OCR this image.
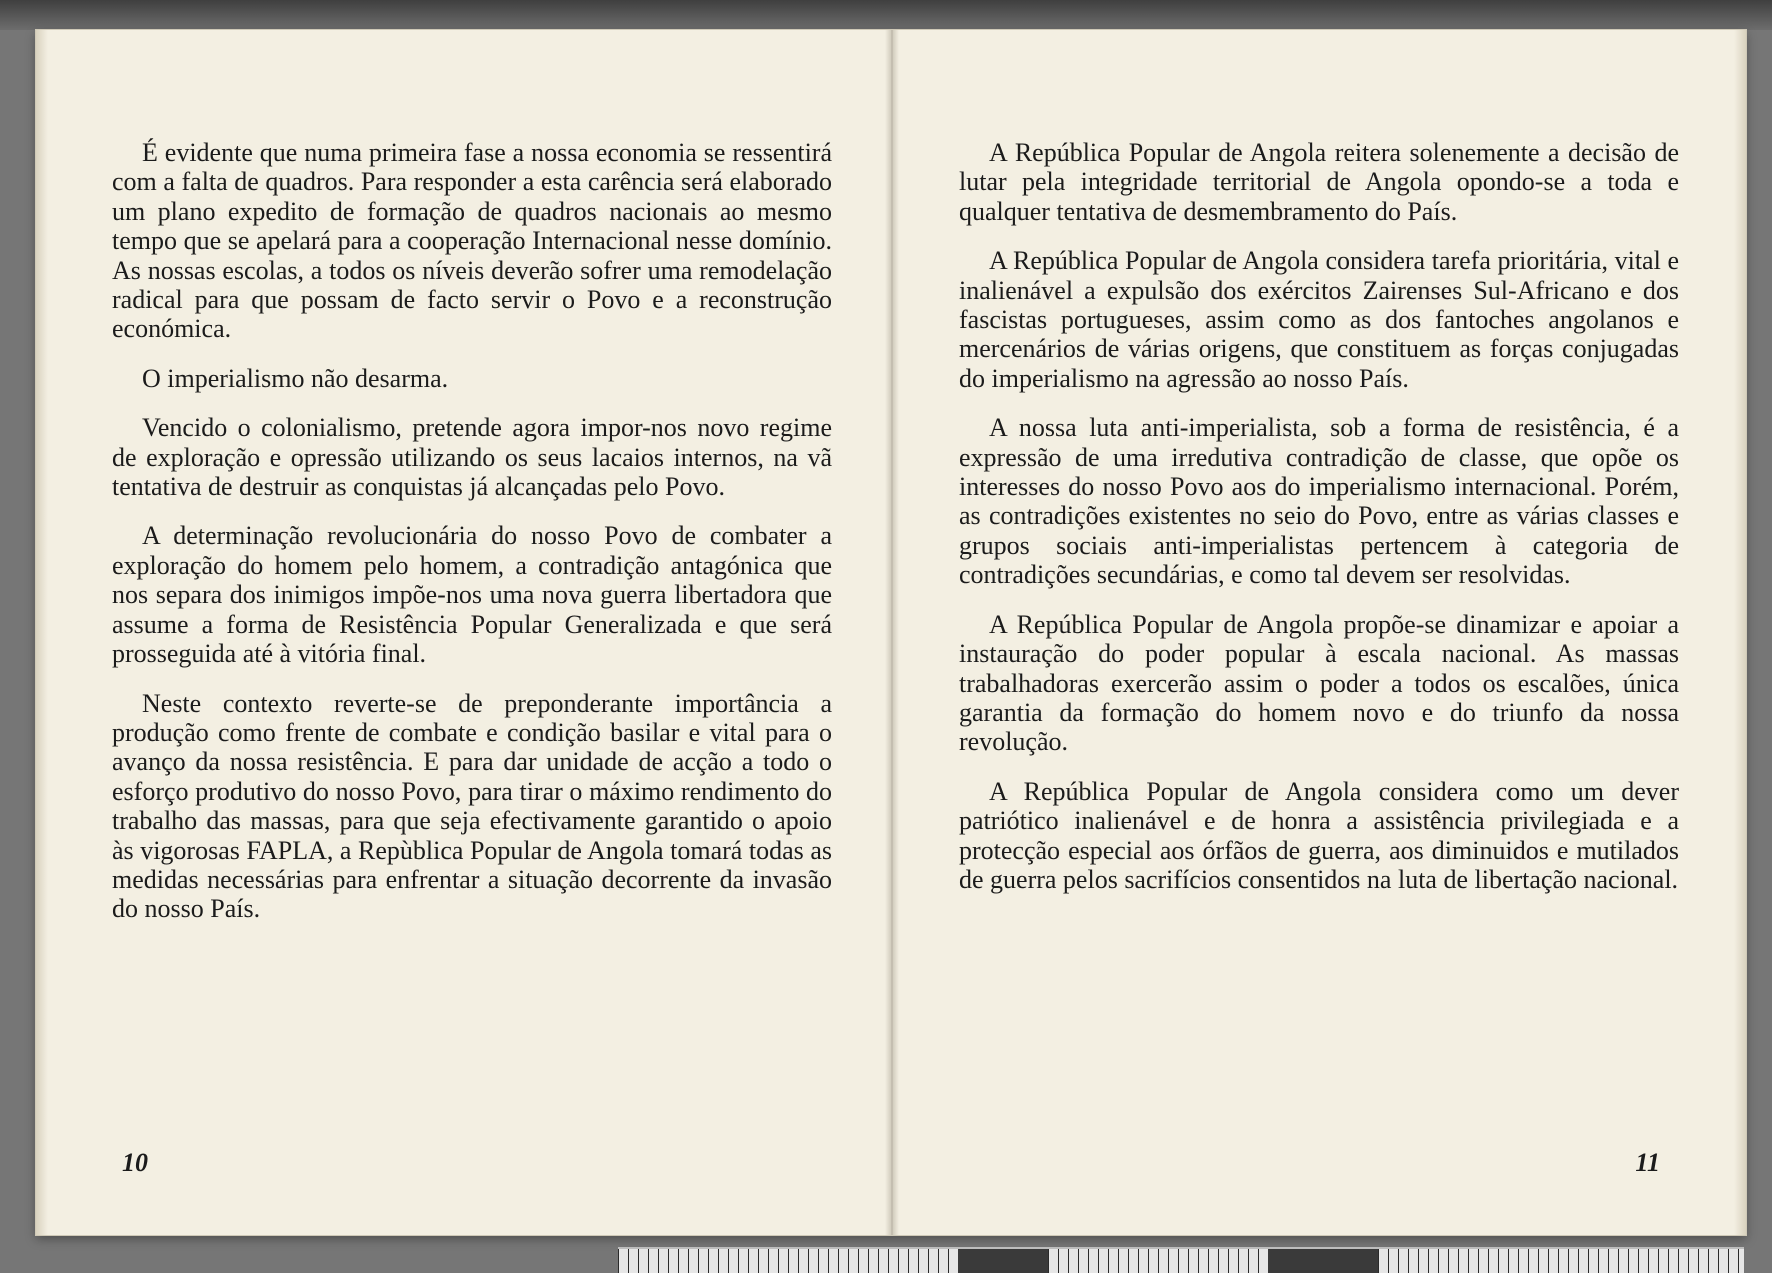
É evidente que numa primeira fase a nossa economia se ressentirá com a falta de quadros. Para responder a esta carência será elaborado um plano expedito de formação de quadros nacionais ao mesmo tempo que se apelará para a cooperação Internacional nesse domínio. As nossas escolas, a todos os níveis deverão sofrer uma remodelação radical para que possam de facto servir o Povo e a reconstrução económica.

O imperialismo não desarma.

Vencido o colonialismo, pretende agora impor-nos novo regime de exploração e opressão utilizando os seus lacaios internos, na vã tentativa de destruir as conquistas já alcançadas pelo Povo.

A determinação revolucionária do nosso Povo de combater a exploração do homem pelo homem, a contradição antagónica que nos separa dos inimigos impõe-nos uma nova guerra libertadora que assume a forma de Resistência Popular Generalizada e que será prosseguida até à vitória final.

Neste contexto reverte-se de preponderante importância a produção como frente de combate e condição basilar e vital para o avanço da nossa resistência. E para dar unidade de acção a todo o esforço produtivo do nosso Povo, para tirar o máximo rendimento do trabalho das massas, para que seja efectivamente garantido o apoio às vigorosas FAPLA, a Repùblica Popular de Angola tomará todas as medidas necessárias para enfrentar a situação decorrente da invasão do nosso País.

10

A República Popular de Angola reitera solenemente a decisão de lutar pela integridade territorial de Angola opondo-se a toda e qualquer tentativa de desmembramento do País.

A República Popular de Angola considera tarefa prioritária, vital e inalienável a expulsão dos exércitos Zairenses Sul-Africano e dos fascistas portugueses, assim como as dos fantoches angolanos e mercenários de várias origens, que constituem as forças conjugadas do imperialismo na agressão ao nosso País.

A nossa luta anti-imperialista, sob a forma de resistência, é a expressão de uma irredutiva contradição de classe, que opõe os interesses do nosso Povo aos do imperialismo internacional. Porém, as contradições existentes no seio do Povo, entre as várias classes e grupos sociais anti-imperialistas pertencem à categoria de contradições secundárias, e como tal devem ser resolvidas.

A República Popular de Angola propõe-se dinamizar e apoiar a instauração do poder popular à escala nacional. As massas trabalhadoras exercerão assim o poder a todos os escalões, única garantia da formação do homem novo e do triunfo da nossa revolução.

A República Popular de Angola considera como um dever patriótico inalienável e de honra a assistência privilegiada e a protecção especial aos órfãos de guerra, aos diminuidos e mutilados de guerra pelos sacrifícios consentidos na luta de libertação nacional.

11
